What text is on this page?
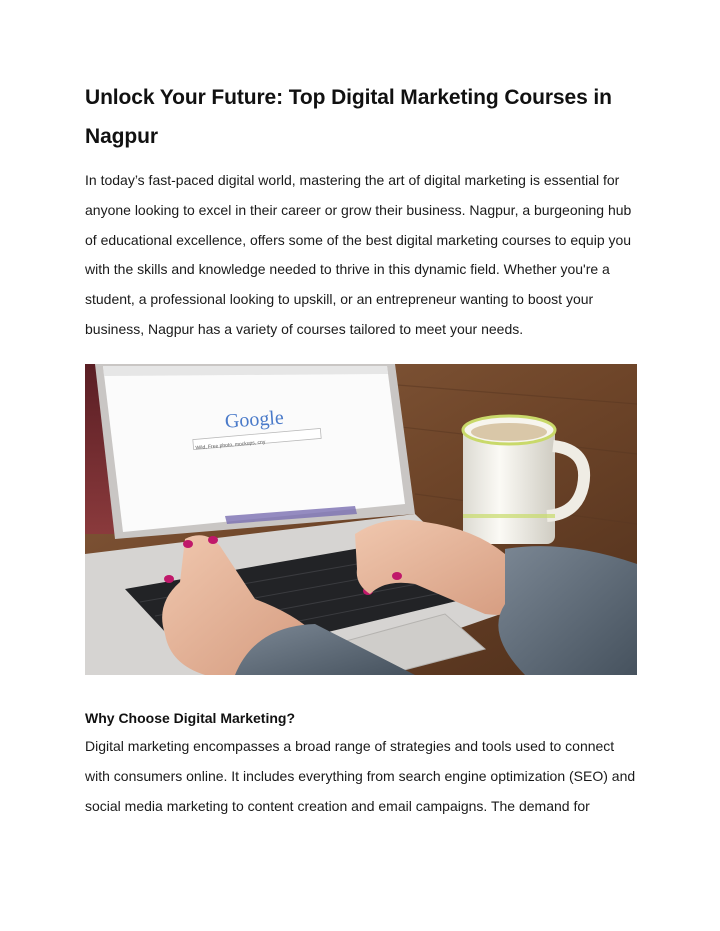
Unlock Your Future: Top Digital Marketing Courses in
Nagpur

In today’s fast-paced digital world, mastering the art of digital marketing is essential for anyone looking to excel in their career or grow their business. Nagpur, a burgeoning hub of educational excellence, offers some of the best digital marketing courses to equip you with the skills and knowledge needed to thrive in this dynamic field. Whether you're a student, a professional looking to upskill, or an entrepreneur wanting to boost your business, Nagpur has a variety of courses tailored to meet your needs.

Google
Wild, Free photo, mockups, cny
Why Choose Digital Marketing?

Digital marketing encompasses a broad range of strategies and tools used to connect with consumers online. It includes everything from search engine optimization (SEO) and social media marketing to content creation and email campaigns. The demand for
